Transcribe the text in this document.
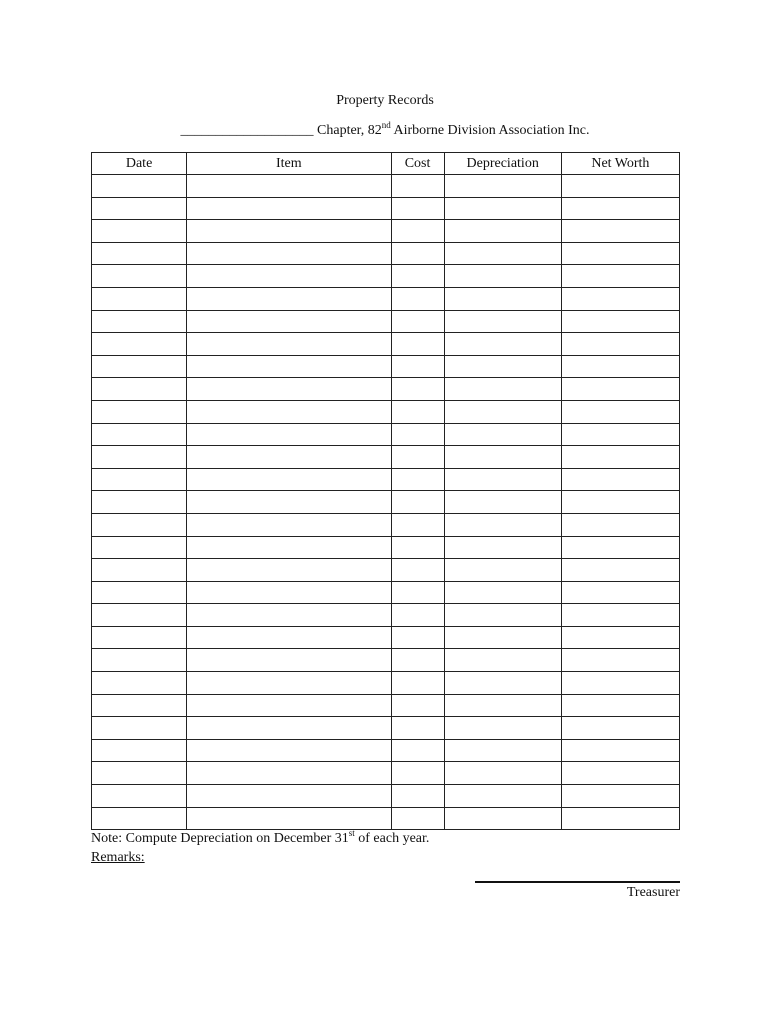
Property Records
___________________ Chapter, 82nd Airborne Division Association Inc.
Date	Item	Cost	Depreciation	Net Worth

Note: Compute Depreciation on December 31st of each year.
Remarks:
Treasurer
